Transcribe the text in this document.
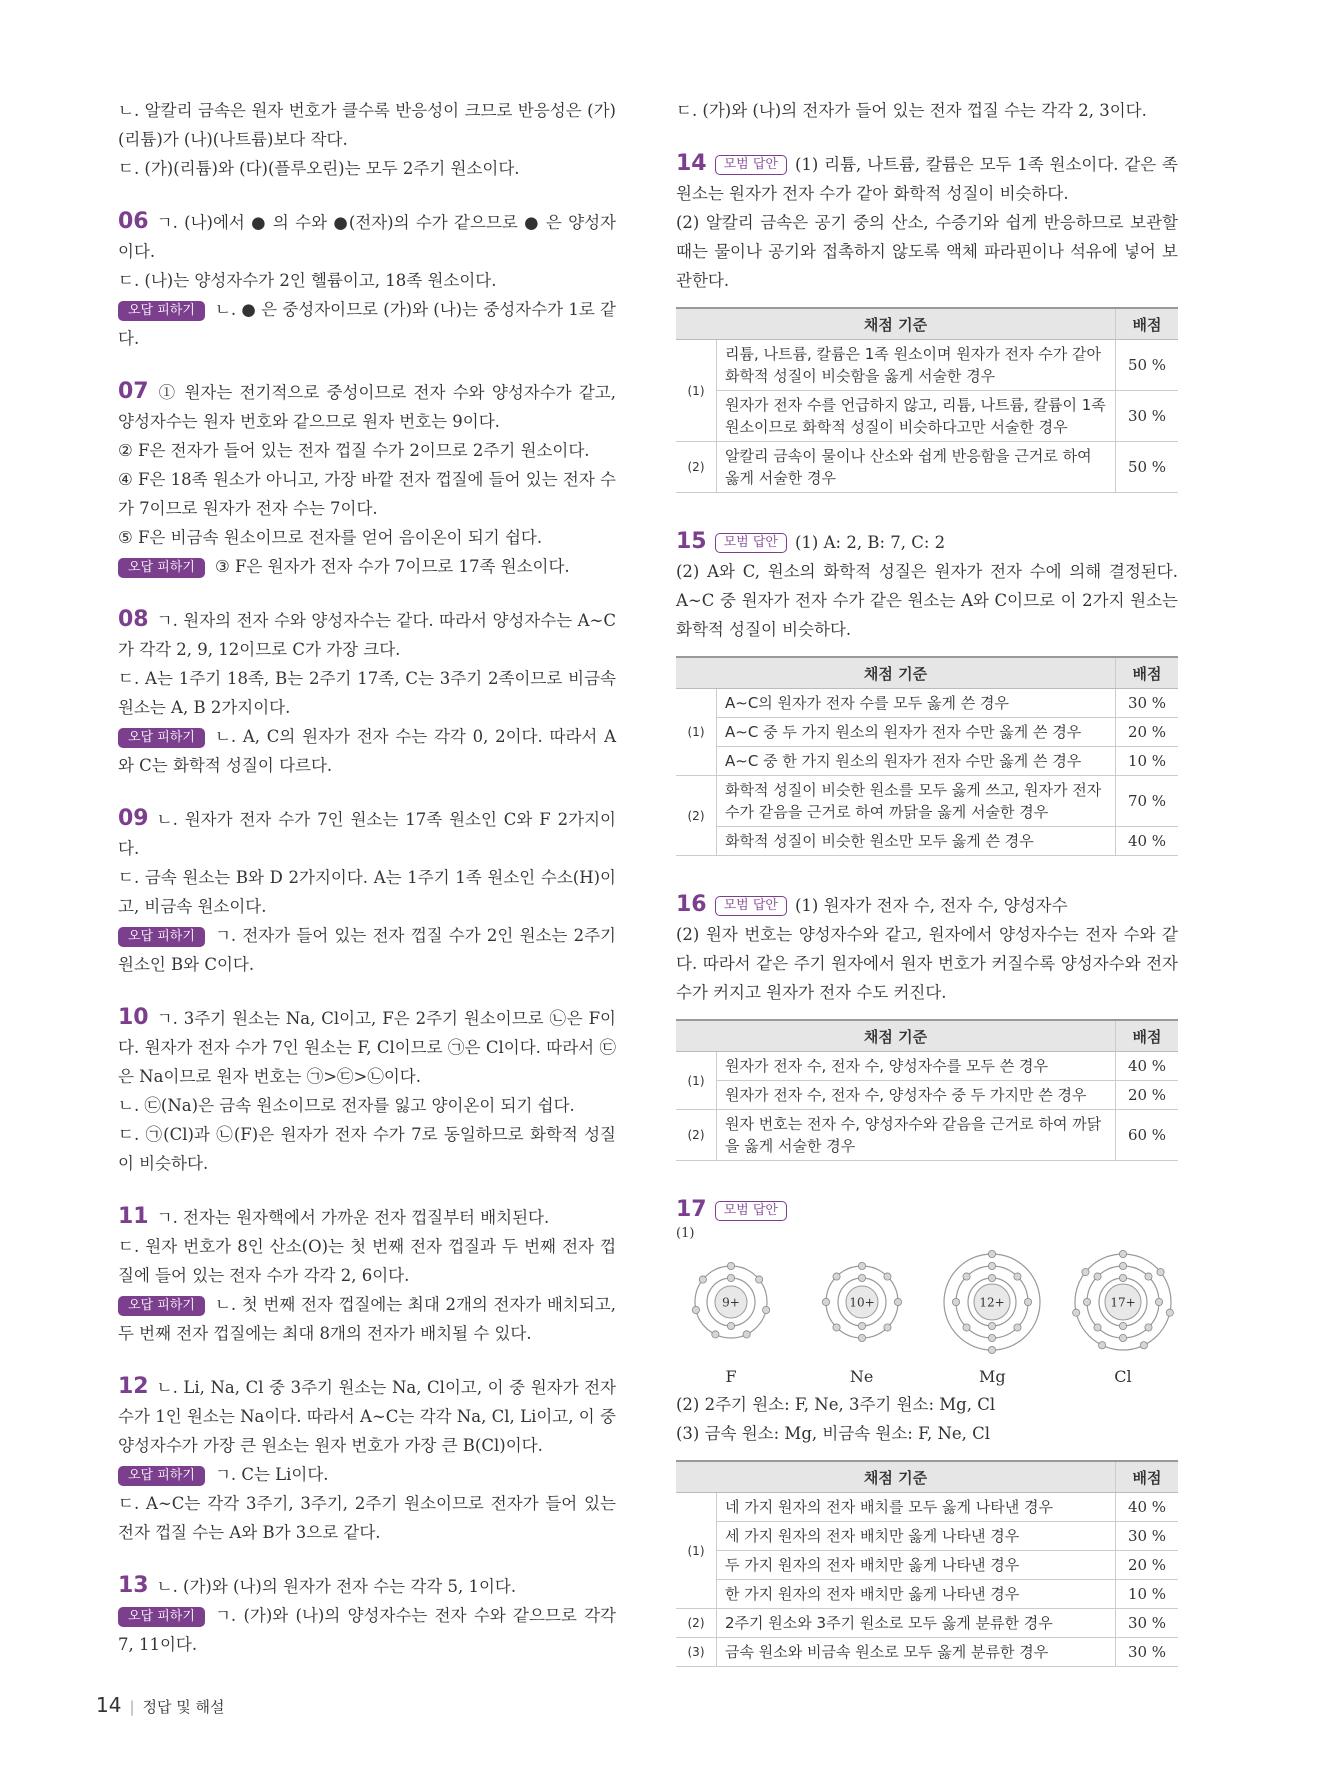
ㄴ. 알칼리 금속은 원자 번호가 클수록 반응성이 크므로 반응성은 (가)(리튬)가 (나)(나트륨)보다 작다.

ㄷ. (가)(리튬)와 (다)(플루오린)는 모두 2주기 원소이다.

06 ㄱ. (나)에서 ● 의 수와 ●(전자)의 수가 같으므로 ● 은 양성자이다.

ㄷ. (나)는 양성자수가 2인 헬륨이고, 18족 원소이다.

오답 피하기 ㄴ. ● 은 중성자이므로 (가)와 (나)는 중성자수가 1로 같다.

07 ① 원자는 전기적으로 중성이므로 전자 수와 양성자수가 같고, 양성자수는 원자 번호와 같으므로 원자 번호는 9이다.

② F은 전자가 들어 있는 전자 껍질 수가 2이므로 2주기 원소이다.

④ F은 18족 원소가 아니고, 가장 바깥 전자 껍질에 들어 있는 전자 수가 7이므로 원자가 전자 수는 7이다.

⑤ F은 비금속 원소이므로 전자를 얻어 음이온이 되기 쉽다.

오답 피하기 ③ F은 원자가 전자 수가 7이므로 17족 원소이다.

08 ㄱ. 원자의 전자 수와 양성자수는 같다. 따라서 양성자수는 A∼C가 각각 2, 9, 12이므로 C가 가장 크다.

ㄷ. A는 1주기 18족, B는 2주기 17족, C는 3주기 2족이므로 비금속 원소는 A, B 2가지이다.

오답 피하기 ㄴ. A, C의 원자가 전자 수는 각각 0, 2이다. 따라서 A와 C는 화학적 성질이 다르다.

09 ㄴ. 원자가 전자 수가 7인 원소는 17족 원소인 C와 F 2가지이다.

ㄷ. 금속 원소는 B와 D 2가지이다. A는 1주기 1족 원소인 수소(H)이고, 비금속 원소이다.

오답 피하기 ㄱ. 전자가 들어 있는 전자 껍질 수가 2인 원소는 2주기 원소인 B와 C이다.

10 ㄱ. 3주기 원소는 Na, Cl이고, F은 2주기 원소이므로 ㉡은 F이다. 원자가 전자 수가 7인 원소는 F, Cl이므로 ㉠은 Cl이다. 따라서 ㉢은 Na이므로 원자 번호는 ㉠>㉢>㉡이다.

ㄴ. ㉢(Na)은 금속 원소이므로 전자를 잃고 양이온이 되기 쉽다.

ㄷ. ㉠(Cl)과 ㉡(F)은 원자가 전자 수가 7로 동일하므로 화학적 성질이 비슷하다.

11 ㄱ. 전자는 원자핵에서 가까운 전자 껍질부터 배치된다.

ㄷ. 원자 번호가 8인 산소(O)는 첫 번째 전자 껍질과 두 번째 전자 껍질에 들어 있는 전자 수가 각각 2, 6이다.

오답 피하기 ㄴ. 첫 번째 전자 껍질에는 최대 2개의 전자가 배치되고, 두 번째 전자 껍질에는 최대 8개의 전자가 배치될 수 있다.

12 ㄴ. Li, Na, Cl 중 3주기 원소는 Na, Cl이고, 이 중 원자가 전자 수가 1인 원소는 Na이다. 따라서 A∼C는 각각 Na, Cl, Li이고, 이 중 양성자수가 가장 큰 원소는 원자 번호가 가장 큰 B(Cl)이다.

오답 피하기 ㄱ. C는 Li이다.

ㄷ. A∼C는 각각 3주기, 3주기, 2주기 원소이므로 전자가 들어 있는 전자 껍질 수는 A와 B가 3으로 같다.

13 ㄴ. (가)와 (나)의 원자가 전자 수는 각각 5, 1이다.

오답 피하기 ㄱ. (가)와 (나)의 양성자수는 전자 수와 같으므로 각각 7, 11이다.

ㄷ. (가)와 (나)의 전자가 들어 있는 전자 껍질 수는 각각 2, 3이다.

14 모범 답안 (1) 리튬, 나트륨, 칼륨은 모두 1족 원소이다. 같은 족 원소는 원자가 전자 수가 같아 화학적 성질이 비슷하다.

(2) 알칼리 금속은 공기 중의 산소, 수증기와 쉽게 반응하므로 보관할 때는 물이나 공기와 접촉하지 않도록 액체 파라핀이나 석유에 넣어 보관한다.

채점 기준		배점
(1)	리튬, 나트륨, 칼륨은 1족 원소이며 원자가 전자 수가 같아 화학적 성질이 비슷함을 옳게 서술한 경우	50 %
	원자가 전자 수를 언급하지 않고, 리튬, 나트륨, 칼륨이 1족 원소이므로 화학적 성질이 비슷하다고만 서술한 경우	30 %
(2)	알칼리 금속이 물이나 산소와 쉽게 반응함을 근거로 하여 옳게 서술한 경우	50 %

15 모범 답안 (1) A: 2, B: 7, C: 2

(2) A와 C, 원소의 화학적 성질은 원자가 전자 수에 의해 결정된다. A∼C 중 원자가 전자 수가 같은 원소는 A와 C이므로 이 2가지 원소는 화학적 성질이 비슷하다.

채점 기준		배점
(1)	A∼C의 원자가 전자 수를 모두 옳게 쓴 경우	30 %
	A∼C 중 두 가지 원소의 원자가 전자 수만 옳게 쓴 경우	20 %
	A∼C 중 한 가지 원소의 원자가 전자 수만 옳게 쓴 경우	10 %
(2)	화학적 성질이 비슷한 원소를 모두 옳게 쓰고, 원자가 전자 수가 같음을 근거로 하여 까닭을 옳게 서술한 경우	70 %
	화학적 성질이 비슷한 원소만 모두 옳게 쓴 경우	40 %

16 모범 답안 (1) 원자가 전자 수, 전자 수, 양성자수

(2) 원자 번호는 양성자수와 같고, 원자에서 양성자수는 전자 수와 같다. 따라서 같은 주기 원자에서 원자 번호가 커질수록 양성자수와 전자 수가 커지고 원자가 전자 수도 커진다.

채점 기준		배점
(1)	원자가 전자 수, 전자 수, 양성자수를 모두 쓴 경우	40 %
	원자가 전자 수, 전자 수, 양성자수 중 두 가지만 쓴 경우	20 %
(2)	원자 번호는 전자 수, 양성자수와 같음을 근거로 하여 까닭을 옳게 서술한 경우	60 %

17 모범 답안

(1)

9+
F
10+
Ne
12+
Mg
17+
Cl

(2) 2주기 원소: F, Ne, 3주기 원소: Mg, Cl

(3) 금속 원소: Mg, 비금속 원소: F, Ne, Cl

채점 기준		배점
(1)	네 가지 원자의 전자 배치를 모두 옳게 나타낸 경우	40 %
	세 가지 원자의 전자 배치만 옳게 나타낸 경우	30 %
	두 가지 원자의 전자 배치만 옳게 나타낸 경우	20 %
	한 가지 원자의 전자 배치만 옳게 나타낸 경우	10 %
(2)	2주기 원소와 3주기 원소로 모두 옳게 분류한 경우	30 %
(3)	금속 원소와 비금속 원소로 모두 옳게 분류한 경우	30 %
14 | 정답 및 해설
